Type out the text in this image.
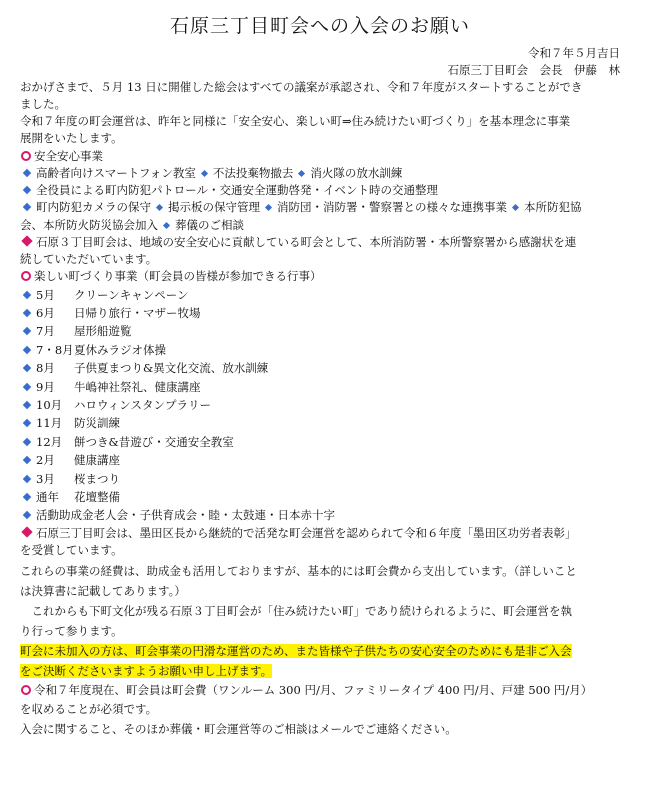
石原三丁目町会への入会のお願い
令和７年５月吉日
石原三丁目町会　会長　伊藤　林
おかげさまで、５月 13 日に開催した総会はすべての議案が承認され、令和７年度がスタートすることができ
ました。
令和７年度の町会運営は、昨年と同様に「安全安心、楽しい町⇒住み続けたい町づくり」を基本理念に事業
展開をいたします。
安全安心事業
高齢者向けスマートフォン教室 不法投棄物撤去 消火隊の放水訓練
全役員による町内防犯パトロール・交通安全運動啓発・イベント時の交通整理
町内防犯カメラの保守 掲示板の保守管理 消防団・消防署・警察署との様々な連携事業 本所防犯協
会、本所防火防災協会加入 葬儀のご相談
石原３丁目町会は、地域の安全安心に貢献している町会として、本所消防署・本所警察署から感謝状を連
続していただいています。
楽しい町づくり事業（町会員の皆様が参加できる行事）
5月 クリーンキャンペーン
6月 日帰り旅行・マザー牧場
7月 屋形船遊覧
7・8月夏休みラジオ体操
8月 子供夏まつり&異文化交流、放水訓練
9月 牛嶋神社祭礼、健康講座
10月 ハロウィンスタンプラリー
11月 防災訓練
12月 餅つき&昔遊び・交通安全教室
2月 健康講座
3月 桜まつり
通年 花壇整備
活動助成金老人会・子供育成会・睦・太鼓連・日本赤十字
石原三丁目町会は、墨田区長から継続的で活発な町会運営を認められて令和６年度「墨田区功労者表彰」
を受賞しています。
これらの事業の経費は、助成金も活用しておりますが、基本的には町会費から支出しています。（詳しいこと
は決算書に記載してあります。）
これからも下町文化が残る石原３丁目町会が「住み続けたい町」であり続けられるように、町会運営を執
り行って参ります。
町会に未加入の方は、町会事業の円滑な運営のため、また皆様や子供たちの安心安全のためにも是非ご入会
をご決断くださいますようお願い申し上げます。
令和７年度現在、町会員は町会費（ワンルーム 300 円/月、ファミリータイプ 400 円/月、戸建 500 円/月）
を収めることが必須です。
入会に関すること、そのほか葬儀・町会運営等のご相談はメールでご連絡ください。
